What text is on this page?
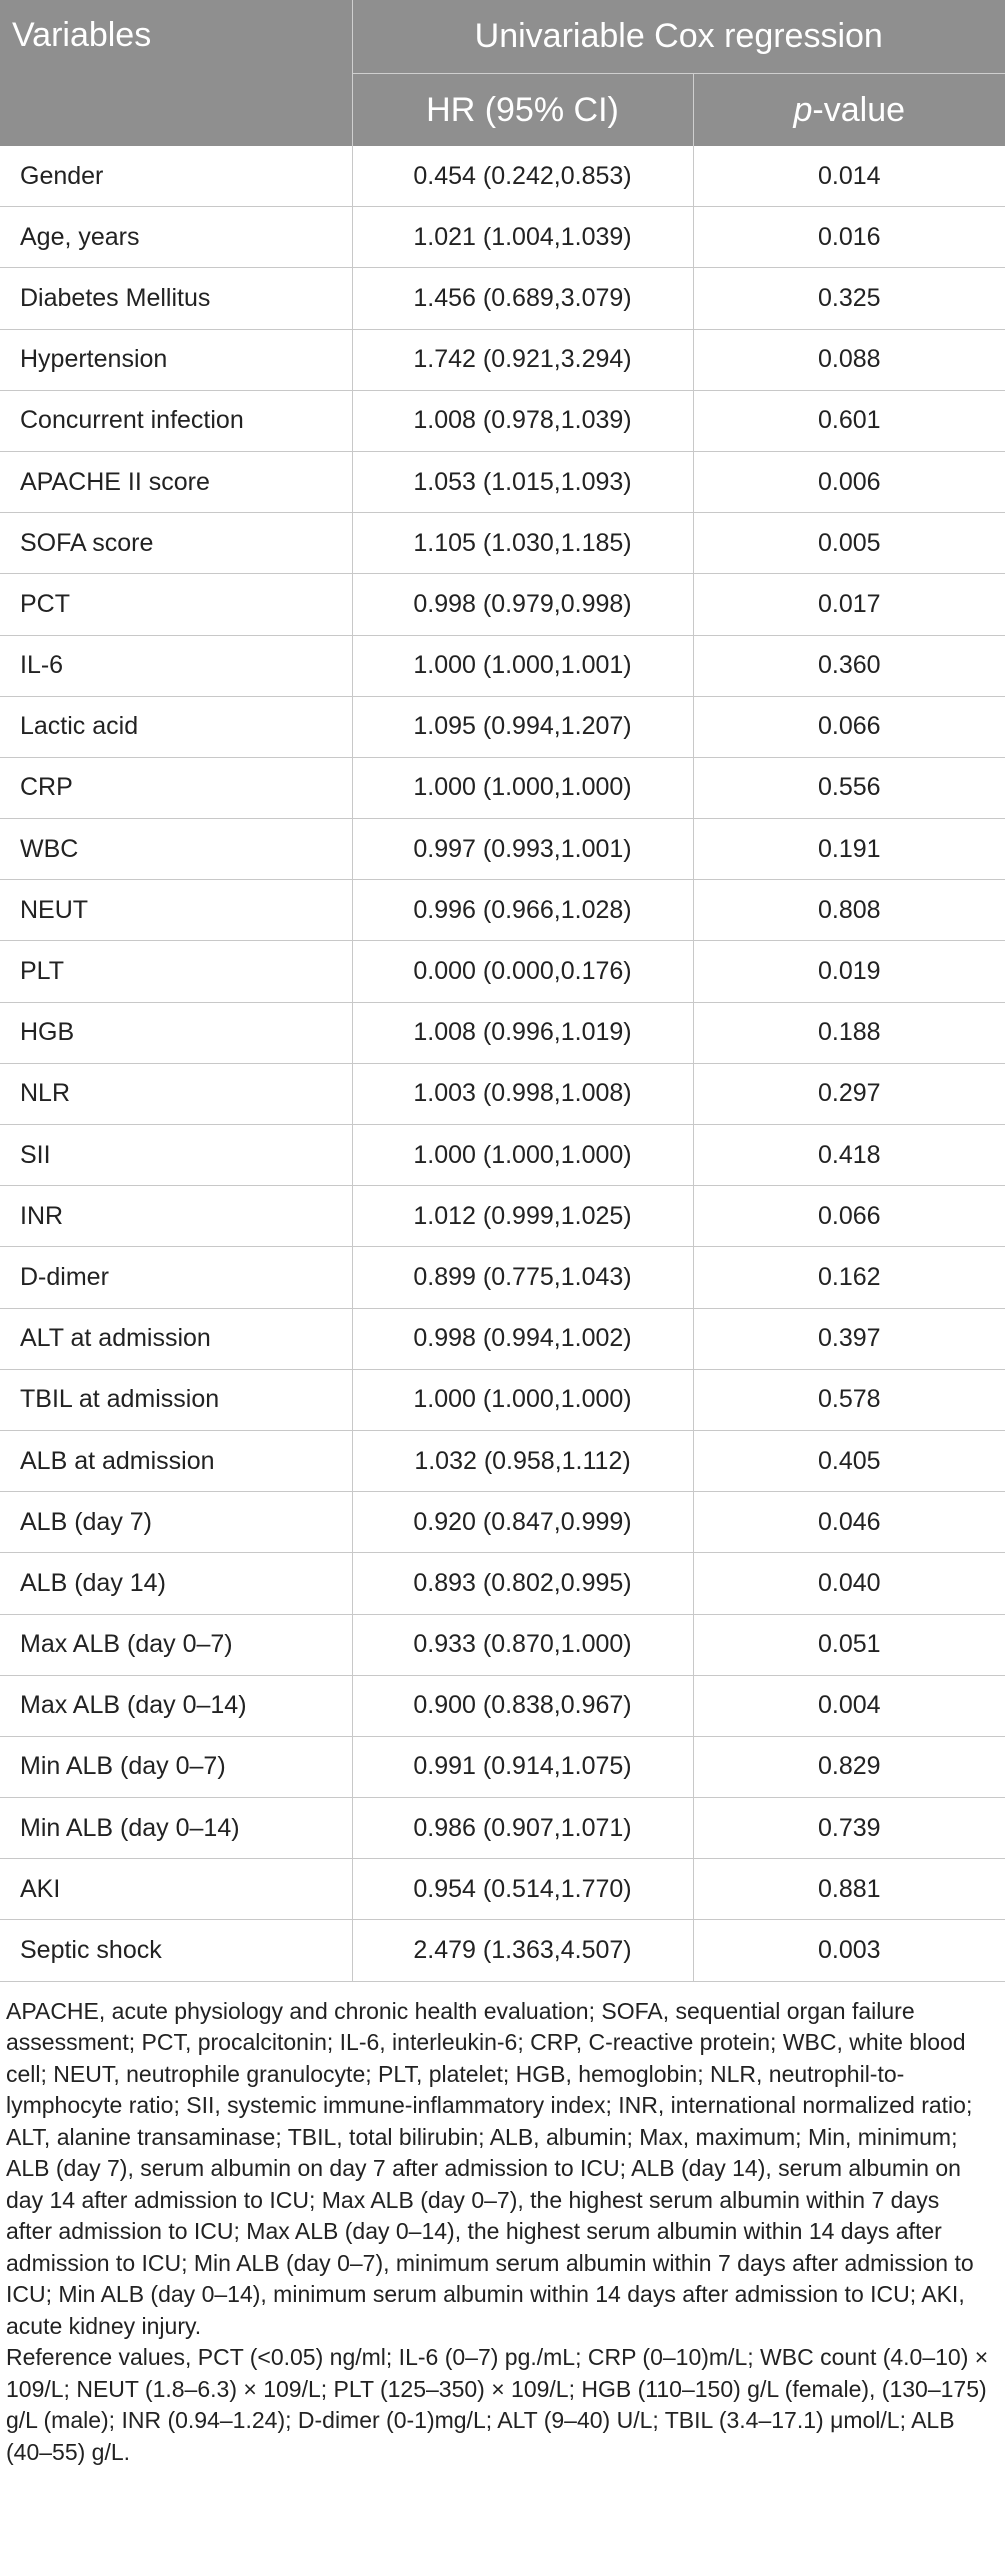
Variables	Univariable Cox regression	
	HR (95% CI)	p-value
Gender	0.454 (0.242,0.853)	0.014
Age, years	1.021 (1.004,1.039)	0.016
Diabetes Mellitus	1.456 (0.689,3.079)	0.325
Hypertension	1.742 (0.921,3.294)	0.088
Concurrent infection	1.008 (0.978,1.039)	0.601
APACHE II score	1.053 (1.015,1.093)	0.006
SOFA score	1.105 (1.030,1.185)	0.005
PCT	0.998 (0.979,0.998)	0.017
IL-6	1.000 (1.000,1.001)	0.360
Lactic acid	1.095 (0.994,1.207)	0.066
CRP	1.000 (1.000,1.000)	0.556
WBC	0.997 (0.993,1.001)	0.191
NEUT	0.996 (0.966,1.028)	0.808
PLT	0.000 (0.000,0.176)	0.019
HGB	1.008 (0.996,1.019)	0.188
NLR	1.003 (0.998,1.008)	0.297
SII	1.000 (1.000,1.000)	0.418
INR	1.012 (0.999,1.025)	0.066
D-dimer	0.899 (0.775,1.043)	0.162
ALT at admission	0.998 (0.994,1.002)	0.397
TBIL at admission	1.000 (1.000,1.000)	0.578
ALB at admission	1.032 (0.958,1.112)	0.405
ALB (day 7)	0.920 (0.847,0.999)	0.046
ALB (day 14)	0.893 (0.802,0.995)	0.040
Max ALB (day 0–7)	0.933 (0.870,1.000)	0.051
Max ALB (day 0–14)	0.900 (0.838,0.967)	0.004
Min ALB (day 0–7)	0.991 (0.914,1.075)	0.829
Min ALB (day 0–14)	0.986 (0.907,1.071)	0.739
AKI	0.954 (0.514,1.770)	0.881
Septic shock	2.479 (1.363,4.507)	0.003

APACHE, acute physiology and chronic health evaluation; SOFA, sequential organ failure assessment; PCT, procalcitonin; IL-6, interleukin-6; CRP, C-reactive protein; WBC, white blood cell; NEUT, neutrophile granulocyte; PLT, platelet; HGB, hemoglobin; NLR, neutrophil-to-lymphocyte ratio; SII, systemic immune-inflammatory index; INR, international normalized ratio; ALT, alanine transaminase; TBIL, total bilirubin; ALB, albumin; Max, maximum; Min, minimum; ALB (day 7), serum albumin on day 7 after admission to ICU; ALB (day 14), serum albumin on day 14 after admission to ICU; Max ALB (day 0–7), the highest serum albumin within 7 days after admission to ICU; Max ALB (day 0–14), the highest serum albumin within 14 days after admission to ICU; Min ALB (day 0–7), minimum serum albumin within 7 days after admission to ICU; Min ALB (day 0–14), minimum serum albumin within 14 days after admission to ICU; AKI, acute kidney injury.

Reference values, PCT (<0.05) ng/ml; IL-6 (0–7) pg./mL; CRP (0–10)m/L; WBC count (4.0–10) × 109/L; NEUT (1.8–6.3) × 109/L; PLT (125–350) × 109/L; HGB (110–150) g/L (female), (130–175) g/L (male); INR (0.94–1.24); D-dimer (0-1)mg/L; ALT (9–40) U/L; TBIL (3.4–17.1) μmol/L; ALB (40–55) g/L.
